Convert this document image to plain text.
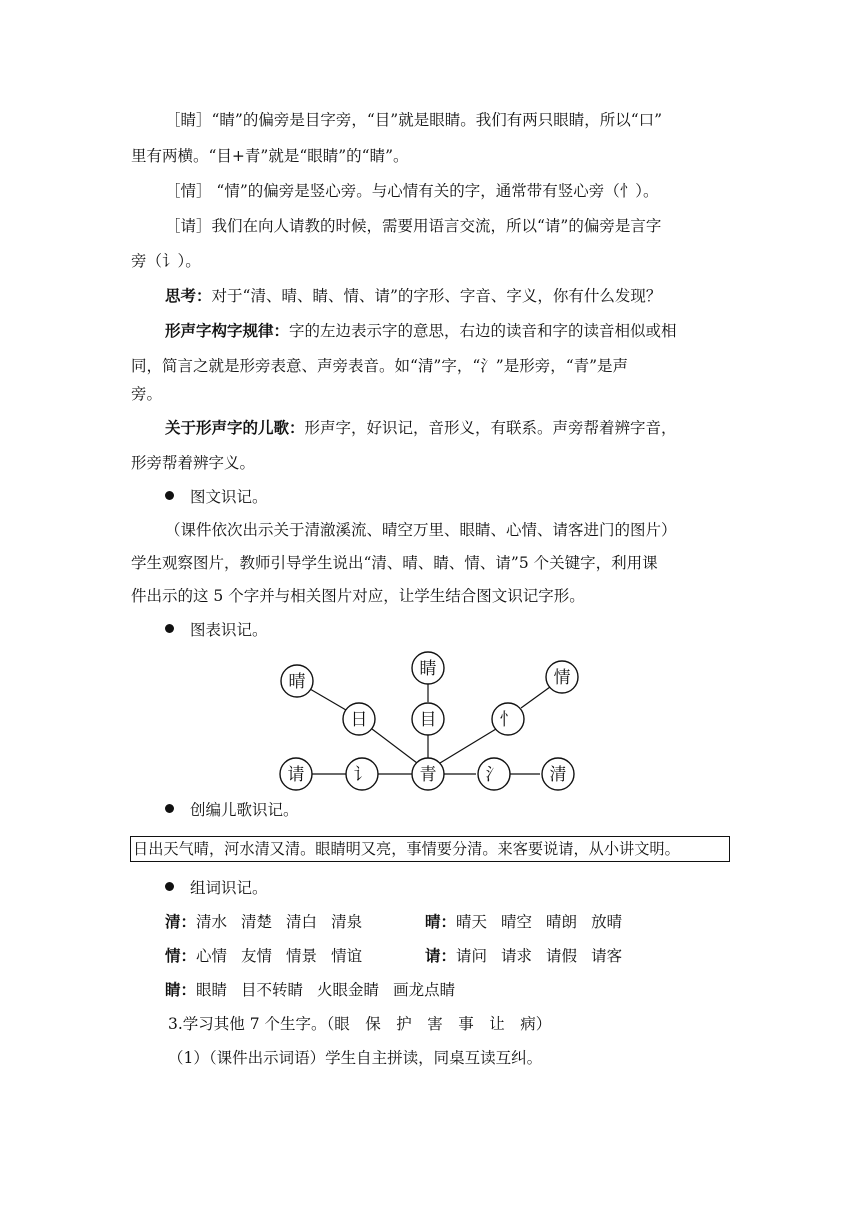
［睛］“睛”的偏旁是目字旁，“目”就是眼睛。我们有两只眼睛，所以“口”
里有两横。“目+青”就是“眼睛”的“睛”。
［情］ “情”的偏旁是竖心旁。与心情有关的字，通常带有竖心旁（忄）。
［请］我们在向人请教的时候，需要用语言交流，所以“请”的偏旁是言字
旁（讠）。
思考：对于“清、晴、睛、情、请”的字形、字音、字义，你有什么发现？
形声字构字规律：字的左边表示字的意思，右边的读音和字的读音相似或相
同，简言之就是形旁表意、声旁表音。如“清”字，“氵”是形旁，“青”是声
旁。
关于形声字的儿歌：形声字，好识记，音形义，有联系。声旁帮着辨字音，
形旁帮着辨字义。
图文识记。
（课件依次出示关于清澈溪流、晴空万里、眼睛、心情、请客进门的图片）
学生观察图片，教师引导学生说出“清、晴、睛、情、请”5 个关键字，利用课
件出示的这 5 个字并与相关图片对应，让学生结合图文识记字形。
图表识记。
晴
日
睛
目	忄
情
请	讠	青	氵	清
创编儿歌识记。
日出天气晴，河水清又清。眼睛明又亮，事情要分清。来客要说请，从小讲文明。
组词识记。
清：清水 清楚 清白 清泉	晴：晴天 晴空 晴朗 放晴
情：心情 友情 情景 情谊	请：请问 请求 请假 请客
睛：眼睛 目不转睛 火眼金睛 画龙点睛
3.学习其他 7 个生字。（眼　保　护　害　事　让　病）
（1）（课件出示词语）学生自主拼读，同桌互读互纠。
